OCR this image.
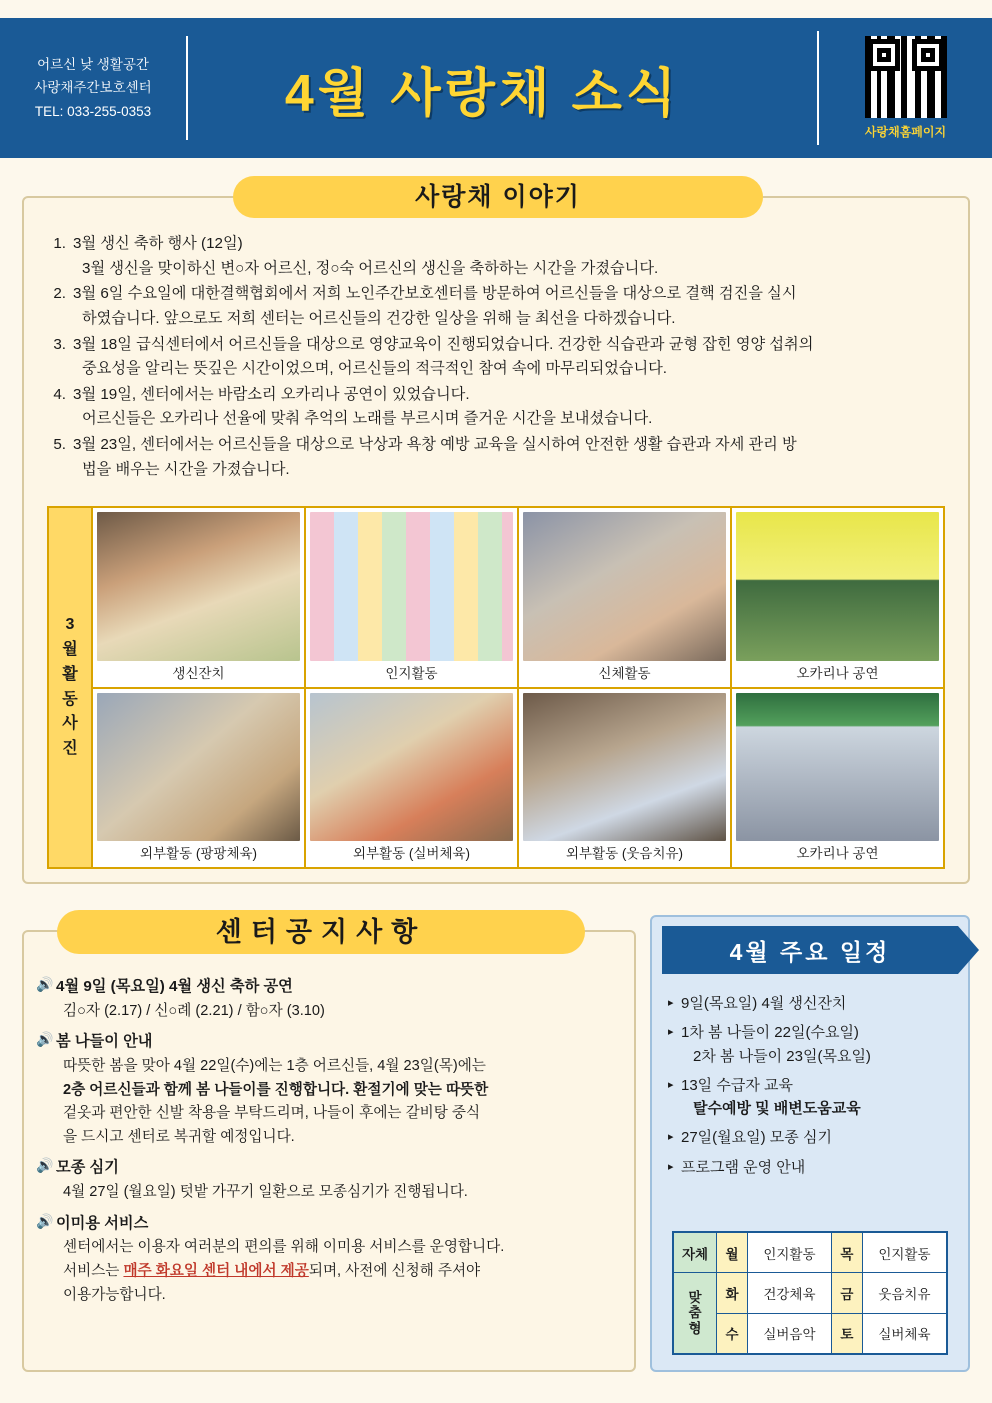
어르신 낮 생활공간
사랑채주간보호센터
TEL: 033-255-0353	4월 사랑채 소식
사랑채홈페이지
사랑채 이야기
1. 3월 생신 축하 행사 (12일)
3월 생신을 맞이하신 변○자 어르신, 정○숙 어르신의 생신을 축하하는 시간을 가졌습니다.
2. 3월 6일 수요일에 대한결핵협회에서 저희 노인주간보호센터를 방문하여 어르신들을 대상으로 결핵 검진을 실시
하였습니다. 앞으로도 저희 센터는 어르신들의 건강한 일상을 위해 늘 최선을 다하겠습니다.
3. 3월 18일 급식센터에서 어르신들을 대상으로 영양교육이 진행되었습니다. 건강한 식습관과 균형 잡힌 영양 섭취의
중요성을 알리는 뜻깊은 시간이었으며, 어르신들의 적극적인 참여 속에 마무리되었습니다.
4. 3월 19일, 센터에서는 바람소리 오카리나 공연이 있었습니다.
어르신들은 오카리나 선율에 맞춰 추억의 노래를 부르시며 즐거운 시간을 보내셨습니다.
5. 3월 23일, 센터에서는 어르신들을 대상으로 낙상과 욕창 예방 교육을 실시하여 안전한 생활 습관과 자세 관리 방
법을 배우는 시간을 가졌습니다.
3
월
활
동
사
진
생신잔치	인지활동	신체활동	오카리나 공연
외부활동 (팡팡체육)	외부활동 (실버체육)	외부활동 (웃음치유)	오카리나 공연
센터공지사항
🔊 4월 9일 (목요일) 4월 생신 축하 공연
김○자 (2.17) / 신○례 (2.21) / 함○자 (3.10)
🔊 봄 나들이 안내
따뜻한 봄을 맞아 4월 22일(수)에는 1층 어르신들, 4월 23일(목)에는
2층 어르신들과 함께 봄 나들이를 진행합니다. 환절기에 맞는 따뜻한
겉옷과 편안한 신발 착용을 부탁드리며, 나들이 후에는 갈비탕 중식
을 드시고 센터로 복귀할 예정입니다.
🔊 모종 심기
4월 27일 (월요일) 텃밭 가꾸기 일환으로 모종심기가 진행됩니다.
🔊 이미용 서비스
센터에서는 이용자 여러분의 편의를 위해 이미용 서비스를 운영합니다.
서비스는 매주 화요일 센터 내에서 제공되며, 사전에 신청해 주셔야
이용가능합니다.
4월 주요 일정
▸ 9일(목요일) 4월 생신잔치
▸ 1차 봄 나들이 22일(수요일)
2차 봄 나들이 23일(목요일)
▸ 13일 수급자 교육
탈수예방 및 배변도움교육
▸ 27일(월요일) 모종 심기
▸ 프로그램 운영 안내
자체	월	인지활동	목	인지활동

맞
춤
형	화	건강체육	금	웃음치유
	수	실버음악	토	실버체육
